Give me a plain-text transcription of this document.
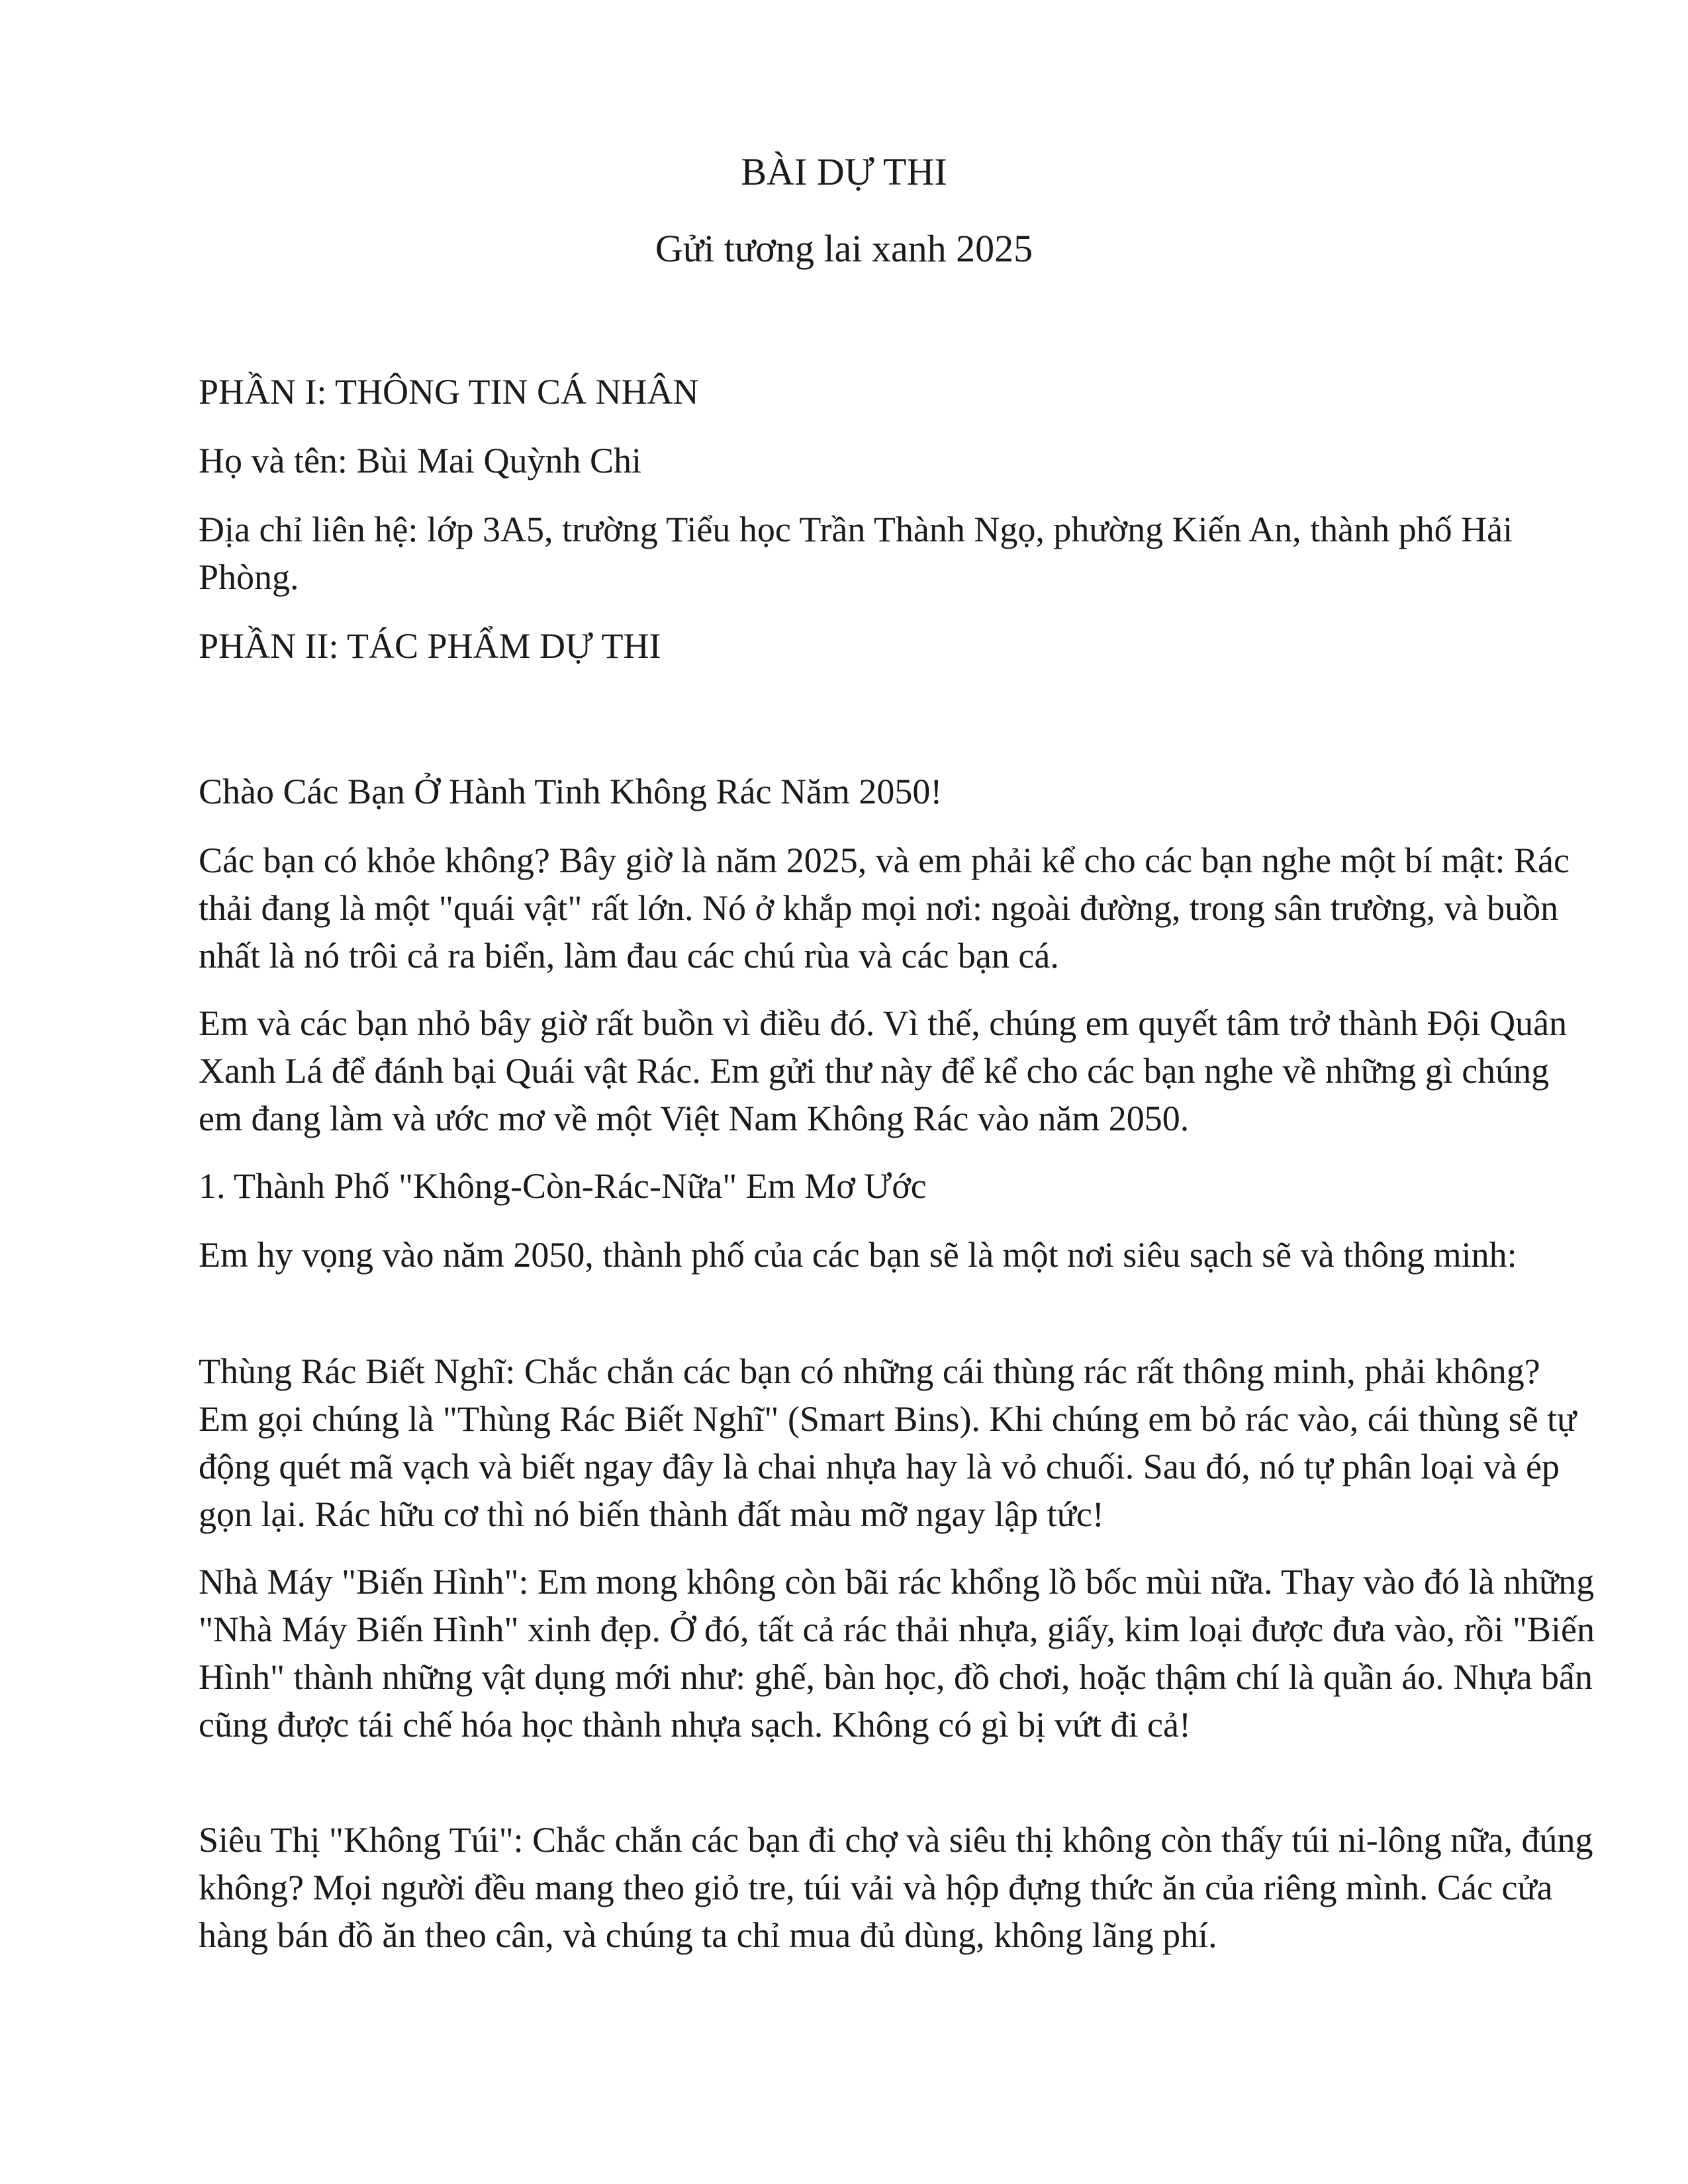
BÀI DỰ THI
Gửi tương lai xanh 2025

PHẦN I: THÔNG TIN CÁ NHÂN

Họ và tên: Bùi Mai Quỳnh Chi

Địa chỉ liên hệ: lớp 3A5, trường Tiểu học Trần Thành Ngọ, phường Kiến An, thành phố Hải Phòng.

PHẦN II: TÁC PHẨM DỰ THI

Chào Các Bạn Ở Hành Tinh Không Rác Năm 2050!

Các bạn có khỏe không? Bây giờ là năm 2025, và em phải kể cho các bạn nghe một bí mật: Rác thải đang là một "quái vật" rất lớn. Nó ở khắp mọi nơi: ngoài đường, trong sân trường, và buồn nhất là nó trôi cả ra biển, làm đau các chú rùa và các bạn cá.

Em và các bạn nhỏ bây giờ rất buồn vì điều đó. Vì thế, chúng em quyết tâm trở thành Đội Quân Xanh Lá để đánh bại Quái vật Rác. Em gửi thư này để kể cho các bạn nghe về những gì chúng em đang làm và ước mơ về một Việt Nam Không Rác vào năm 2050.

1. Thành Phố "Không-Còn-Rác-Nữa" Em Mơ Ước

Em hy vọng vào năm 2050, thành phố của các bạn sẽ là một nơi siêu sạch sẽ và thông minh:

Thùng Rác Biết Nghĩ: Chắc chắn các bạn có những cái thùng rác rất thông minh, phải không? Em gọi chúng là "Thùng Rác Biết Nghĩ" (Smart Bins). Khi chúng em bỏ rác vào, cái thùng sẽ tự động quét mã vạch và biết ngay đây là chai nhựa hay là vỏ chuối. Sau đó, nó tự phân loại và ép gọn lại. Rác hữu cơ thì nó biến thành đất màu mỡ ngay lập tức!

Nhà Máy "Biến Hình": Em mong không còn bãi rác khổng lồ bốc mùi nữa. Thay vào đó là những "Nhà Máy Biến Hình" xinh đẹp. Ở đó, tất cả rác thải nhựa, giấy, kim loại được đưa vào, rồi "Biến Hình" thành những vật dụng mới như: ghế, bàn học, đồ chơi, hoặc thậm chí là quần áo. Nhựa bẩn cũng được tái chế hóa học thành nhựa sạch. Không có gì bị vứt đi cả!

Siêu Thị "Không Túi": Chắc chắn các bạn đi chợ và siêu thị không còn thấy túi ni-lông nữa, đúng không? Mọi người đều mang theo giỏ tre, túi vải và hộp đựng thức ăn của riêng mình. Các cửa hàng bán đồ ăn theo cân, và chúng ta chỉ mua đủ dùng, không lãng phí.
